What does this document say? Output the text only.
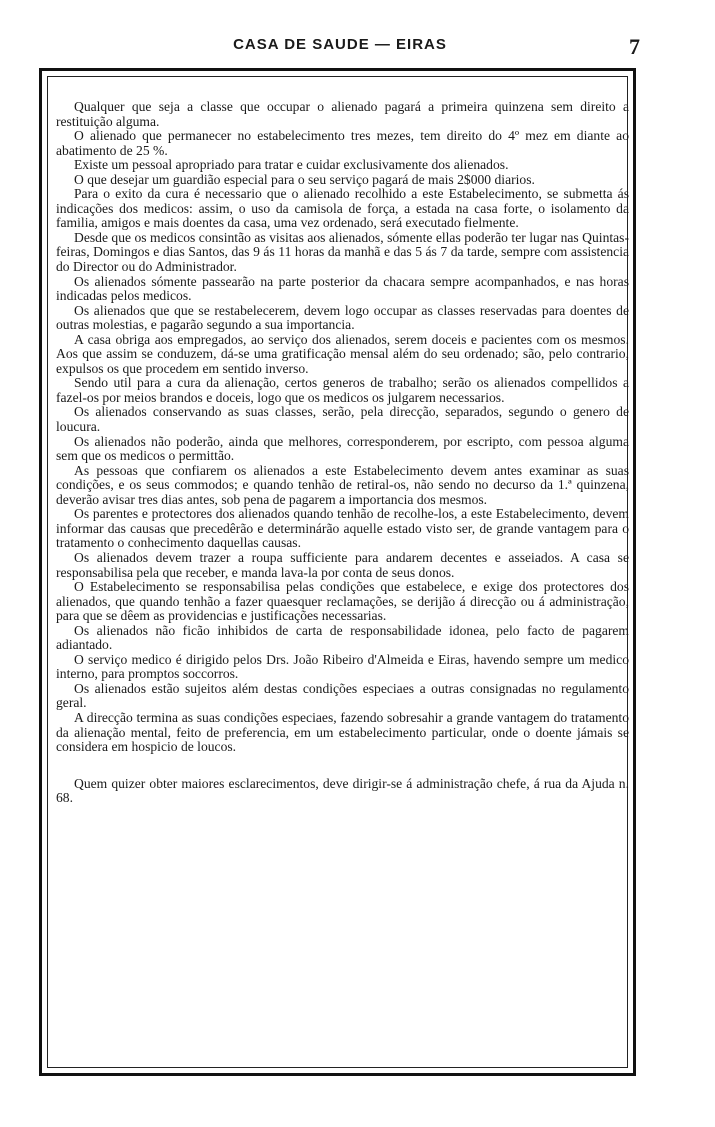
CASA DE SAUDE — EIRAS	7

Qualquer que seja a classe que occupar o alienado pagará a primeira quinzena sem direito a restituição alguma.

O alienado que permanecer no estabelecimento tres mezes, tem direito do 4º mez em diante ao abatimento de 25 %.

Existe um pessoal apropriado para tratar e cuidar exclusivamente dos alienados.

O que desejar um guardião especial para o seu serviço pagará de mais 2$000 diarios.

Para o exito da cura é necessario que o alienado recolhido a este Estabelecimento, se submetta ás indicações dos medicos: assim, o uso da camisola de força, a estada na casa forte, o isolamento da familia, amigos e mais doentes da casa, uma vez ordenado, será executado fielmente.

Desde que os medicos consintão as visitas aos alienados, sómente ellas poderão ter lugar nas Quintas-feiras, Domingos e dias Santos, das 9 ás 11 horas da manhã e das 5 ás 7 da tarde, sempre com assistencia do Director ou do Administrador.

Os alienados sómente passearão na parte posterior da chacara sempre acompanhados, e nas horas indicadas pelos medicos.

Os alienados que que se restabelecerem, devem logo occupar as classes reservadas para doentes de outras molestias, e pagarão segundo a sua importancia.

A casa obriga aos empregados, ao serviço dos alienados, serem doceis e pacientes com os mesmos. Aos que assim se conduzem, dá-se uma gratificação mensal além do seu ordenado; são, pelo contrario, expulsos os que procedem em sentido inverso.

Sendo util para a cura da alienação, certos generos de trabalho; serão os alienados compellidos a fazel-os por meios brandos e doceis, logo que os medicos os julgarem necessarios.

Os alienados conservando as suas classes, serão, pela direcção, separados, segundo o genero de loucura.

Os alienados não poderão, ainda que melhores, corresponderem, por escripto, com pessoa alguma sem que os medicos o permittão.

As pessoas que confiarem os alienados a este Estabelecimento devem antes examinar as suas condições, e os seus commodos; e quando tenhão de retiral-os, não sendo no decurso da 1.ª quinzena, deverão avisar tres dias antes, sob pena de pagarem a importancia dos mesmos.

Os parentes e protectores dos alienados quando tenhão de recolhe-los, a este Estabelecimento, devem informar das causas que precedêrão e determinárão aquelle estado visto ser, de grande vantagem para o tratamento o conhecimento daquellas causas.

Os alienados devem trazer a roupa sufficiente para andarem decentes e asseiados. A casa se responsabilisa pela que receber, e manda lava-la por conta de seus donos.

O Estabelecimento se responsabilisa pelas condições que estabelece, e exige dos protectores dos alienados, que quando tenhão a fazer quaesquer reclamações, se derijão á direcção ou á administração, para que se dêem as providencias e justificações necessarias.

Os alienados não ficão inhibidos de carta de responsabilidade idonea, pelo facto de pagarem adiantado.

O serviço medico é dirigido pelos Drs. João Ribeiro d'Almeida e Eiras, havendo sempre um medico interno, para promptos soccorros.

Os alienados estão sujeitos além destas condições especiaes a outras consignadas no regulamento geral.

A direcção termina as suas condições especiaes, fazendo sobresahir a grande vantagem do tratamento da alienação mental, feito de preferencia, em um estabelecimento particular, onde o doente jámais se considera em hospicio de loucos.

Quem quizer obter maiores esclarecimentos, deve dirigir-se á administração chefe, á rua da Ajuda n. 68.
